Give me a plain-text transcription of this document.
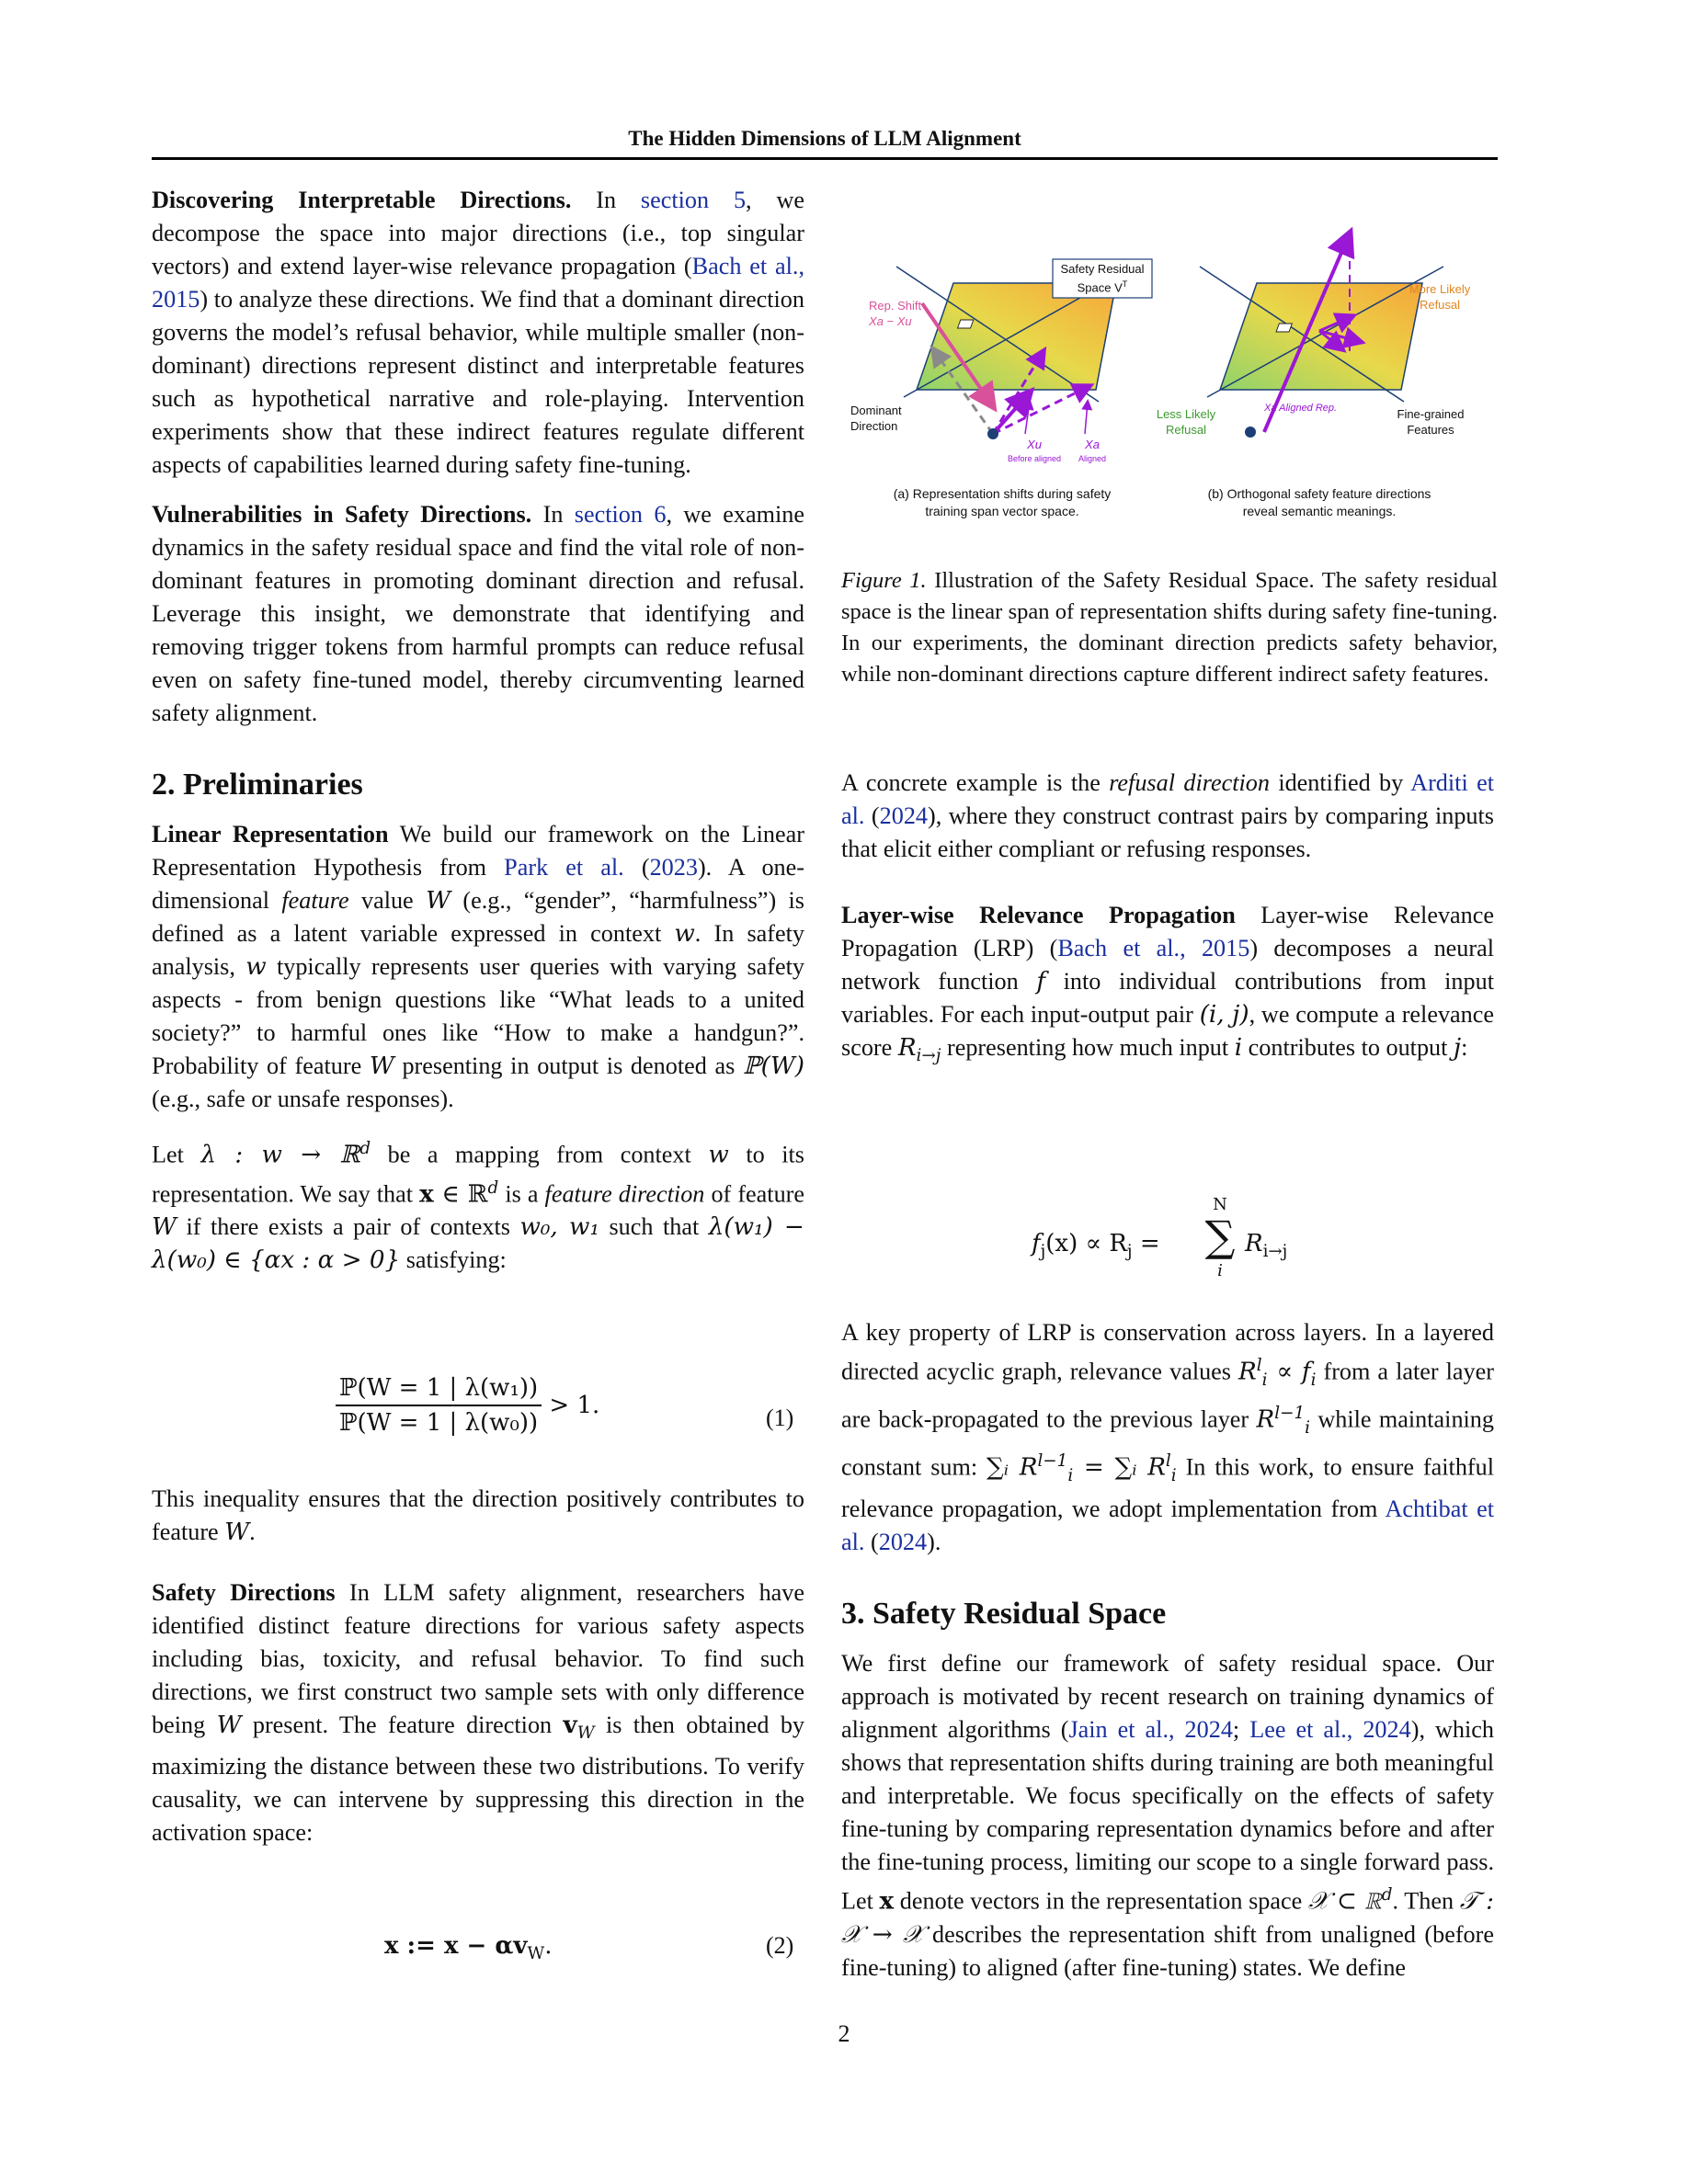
The Hidden Dimensions of LLM Alignment

Discovering Interpretable Directions. In section 5, we decompose the space into major directions (i.e., top singular vectors) and extend layer-wise relevance propagation (Bach et al., 2015) to analyze these directions. We find that a dominant direction governs the model’s refusal behavior, while multiple smaller (non-dominant) directions represent distinct and interpretable features such as hypothetical narrative and role-playing. Intervention experiments show that these indirect features regulate different aspects of capabilities learned during safety fine-tuning.

Vulnerabilities in Safety Directions. In section 6, we examine dynamics in the safety residual space and find the vital role of non-dominant features in promoting dominant direction and refusal. Leverage this insight, we demonstrate that identifying and removing trigger tokens from harmful prompts can reduce refusal even on safety fine-tuned model, thereby circumventing learned safety alignment.

2. Preliminaries

Linear Representation We build our framework on the Linear Representation Hypothesis from Park et al. (2023). A one-dimensional feature value W (e.g., “gender”, “harmfulness”) is defined as a latent variable expressed in context w. In safety analysis, w typically represents user queries with varying safety aspects - from benign questions like “What leads to a united society?” to harmful ones like “How to make a handgun?”. Probability of feature W presenting in output is denoted as ℙ(W) (e.g., safe or unsafe responses).

Let λ : w → ℝ$^d$ be a mapping from context w to its representation. We say that x ∈ ℝ$^d$ is a feature direction of feature W if there exists a pair of contexts w₀, w₁ such that λ(w₁) − λ(w₀) ∈ {αx : α > 0} satisfying:

$\frac{\text{ℙ(W = 1 | λ(w₁))}}{\text{ℙ(W = 1 | λ(w₀))}} > 1$.	(1)

This inequality ensures that the direction positively contributes to feature W.

Safety Directions In LLM safety alignment, researchers have identified distinct feature directions for various safety aspects including bias, toxicity, and refusal behavior. To find such directions, we first construct two sample sets with only difference being W present. The feature direction $v_W$ is then obtained by maximizing the distance between these two distributions. To verify causality, we can intervene by suppressing this direction in the activation space:

x := $x - \alpha v_W$.	(2)
Safety Residual
Space $V^T$
Rep. Shift
Xa − Xu
Dominant
Direction
Xu
Before aligned
Xa
Aligned
More Likely
Refusal
Less Likely
Refusal
Xa Aligned Rep.	Fine-grained
Features
(a) Representation shifts during safety
training span vector space.
(b) Orthogonal safety feature directions
reveal semantic meanings.
Figure 1. Illustration of the Safety Residual Space. The safety residual space is the linear span of representation shifts during safety fine-tuning. In our experiments, the dominant direction predicts safety behavior, while non-dominant directions capture different indirect safety features.

A concrete example is the refusal direction identified by Arditi et al. (2024), where they construct contrast pairs by comparing inputs that elicit either compliant or refusing responses.

Layer-wise Relevance Propagation Layer-wise Relevance Propagation (LRP) (Bach et al., 2015) decomposes a neural network function f into individual contributions from input variables. For each input-output pair (i, j), we compute a relevance score $R_{i\to j}$ representing how much input i contributes to output j:

$f_j(x) \propto R_j$ =
N
∑
i
$R_{i\to j}$

A key property of LRP is conservation across layers. In a layered directed acyclic graph, relevance values $R^l_i \propto f_i$ from a later layer are back-propagated to the previous layer $R^{l-1}_i$ while maintaining constant sum: ∑ᵢ $R^{l-1}_i$ = ∑ᵢ $R^l_i$ In this work, to ensure faithful relevance propagation, we adopt implementation from Achtibat et al. (2024).

3. Safety Residual Space

We first define our framework of safety residual space. Our approach is motivated by recent research on training dynamics of alignment algorithms (Jain et al., 2024; Lee et al., 2024), which shows that representation shifts during training are both meaningful and interpretable. We focus specifically on the effects of safety fine-tuning by comparing representation dynamics before and after the fine-tuning process, limiting our scope to a single forward pass. Let x denote vectors in the representation space 𝒳 ⊂ ℝ$^d$. Then 𝒯 : 𝒳 → 𝒳 describes the representation shift from unaligned (before fine-tuning) to aligned (after fine-tuning) states. We define

2
